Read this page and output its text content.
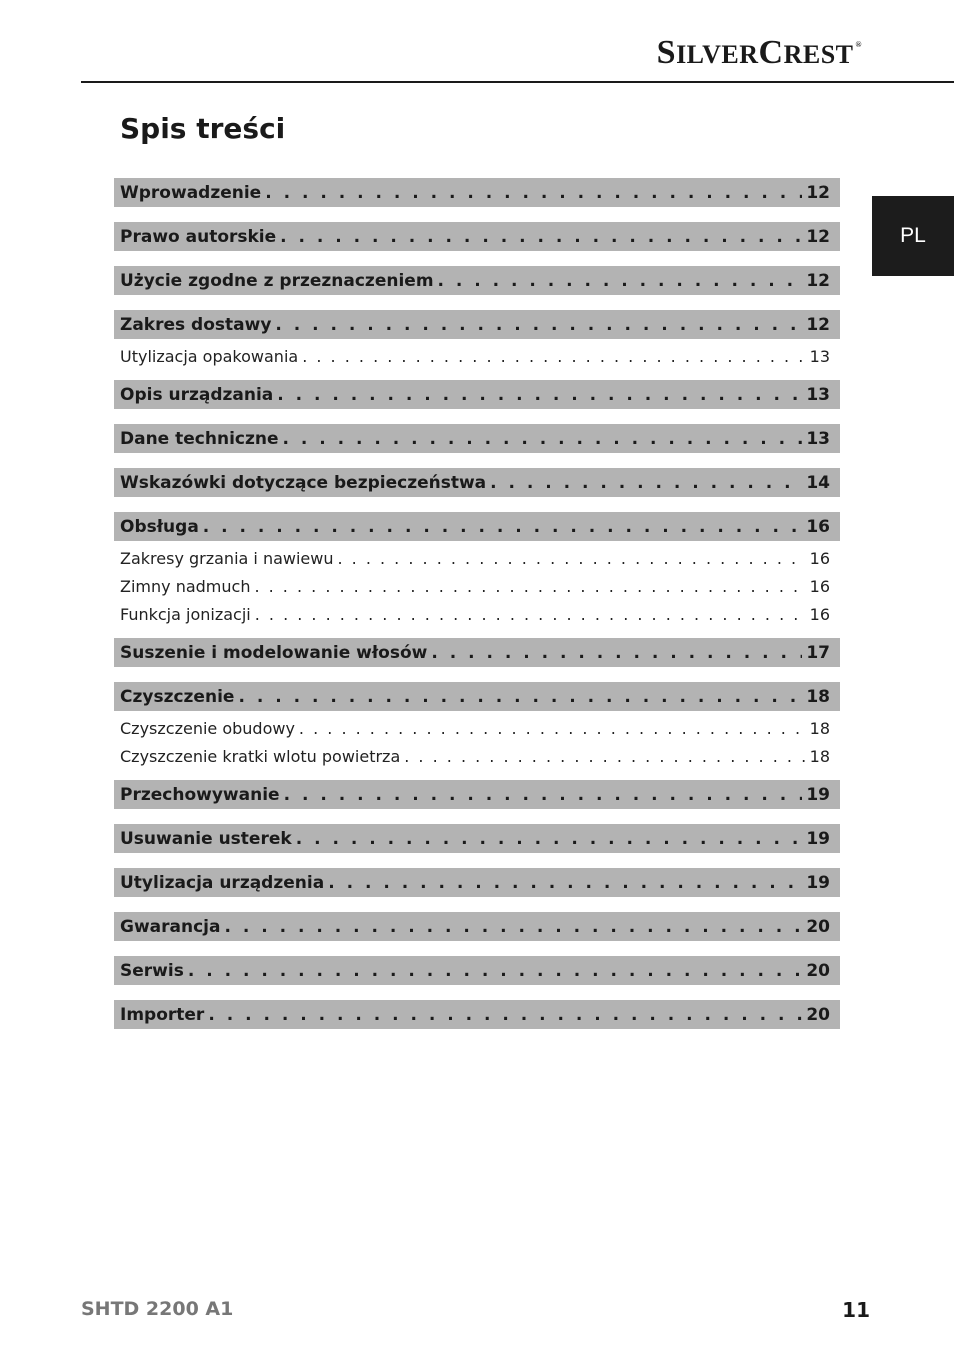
SILVERCREST ®
Spis treści
PL
Wprowadzenie . . .	12
Prawo autorskie . . .	12
Użycie zgodne z przeznaczeniem . . .	12
Zakres dostawy . . .	12
Utylizacja opakowania . . .	13
Opis urządzania . . .	13
Dane techniczne . . .	13
Wskazówki dotyczące bezpieczeństwa . . .	14
Obsługa . . .	16
Zakresy grzania i nawiewu . . .	16
Zimny nadmuch . . .	16
Funkcja jonizacji . . .	16
Suszenie i modelowanie włosów . . .	17
Czyszczenie . . .	18
Czyszczenie obudowy . . .	18
Czyszczenie kratki wlotu powietrza . . .	18
Przechowywanie . . .	19
Usuwanie usterek . . .	19
Utylizacja urządzenia . . .	19
Gwarancja . . .	20
Serwis . . .	20
Importer . . .	20
SHTD 2200 A1	11
